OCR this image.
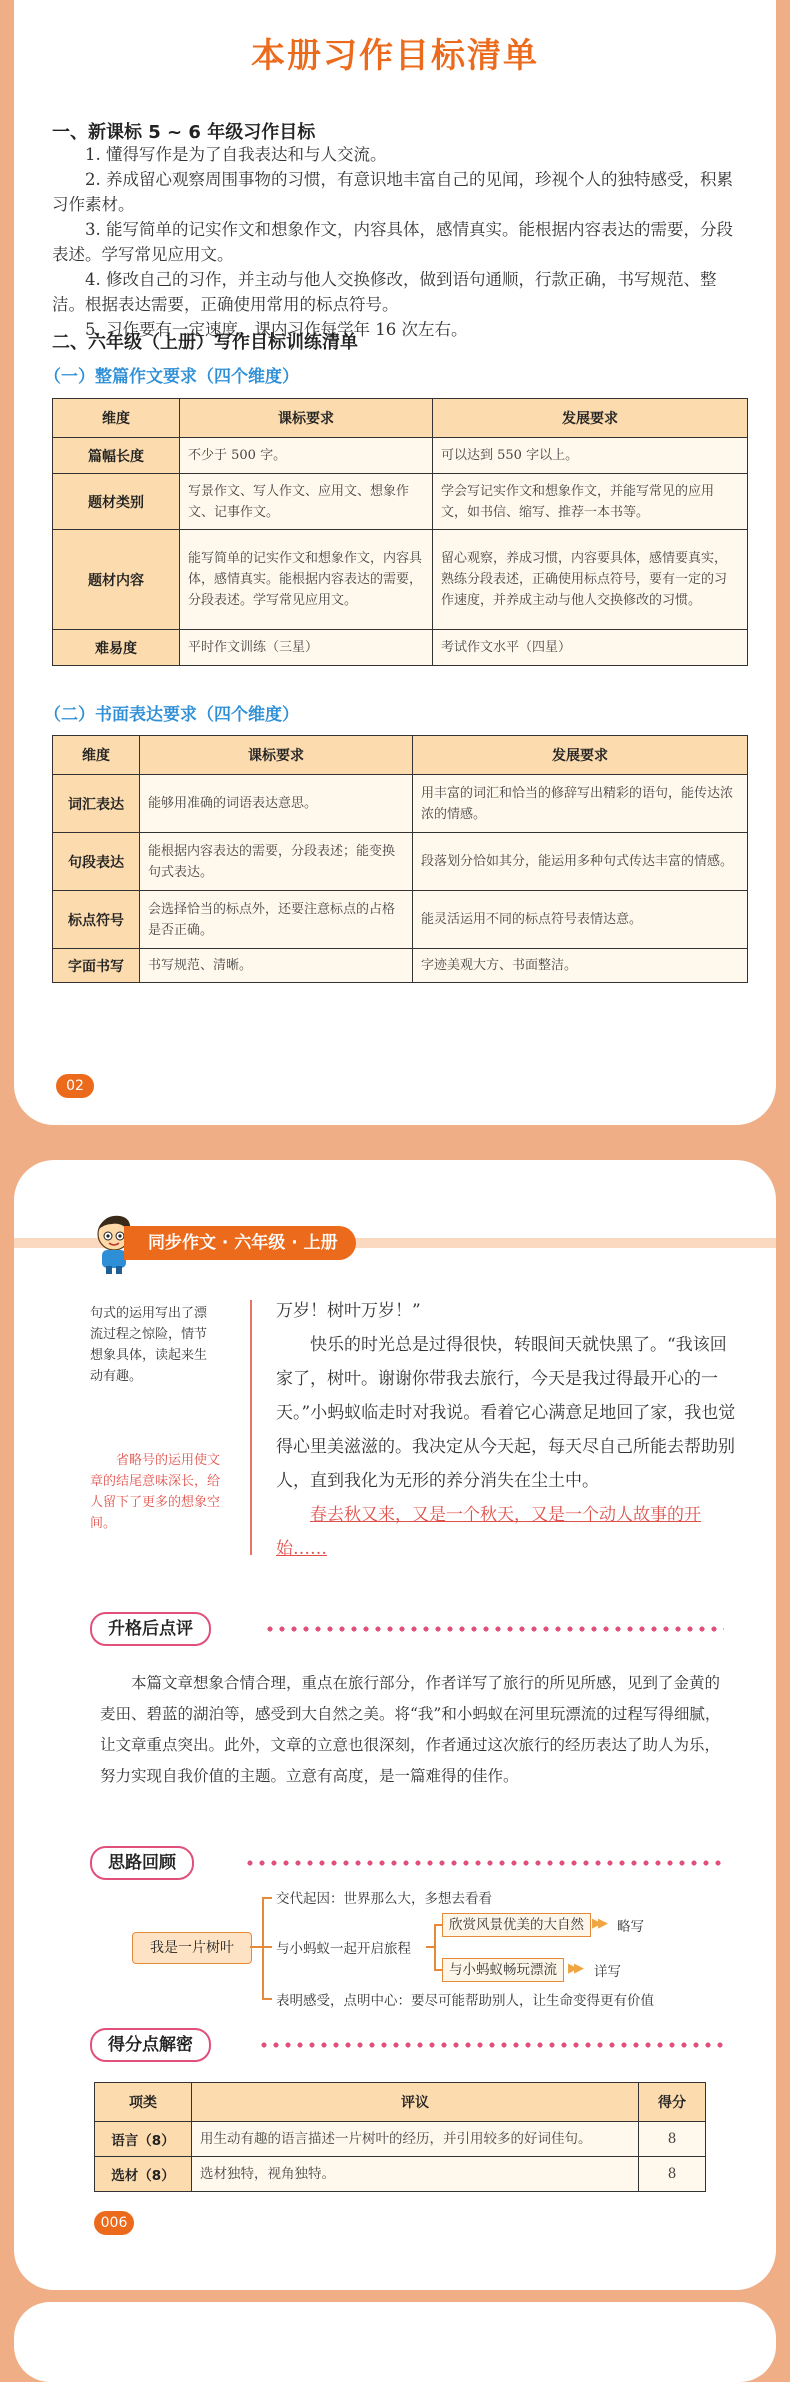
本册习作目标清单
一、新课标 5 ~ 6 年级习作目标

1. 懂得写作是为了自我表达和与人交流。

2. 养成留心观察周围事物的习惯，有意识地丰富自己的见闻，珍视个人的独特感受，积累习作素材。

3. 能写简单的记实作文和想象作文，内容具体，感情真实。能根据内容表达的需要，分段表述。学写常见应用文。

4. 修改自己的习作，并主动与他人交换修改，做到语句通顺，行款正确，书写规范、整洁。根据表达需要，正确使用常用的标点符号。

5. 习作要有一定速度。课内习作每学年 16 次左右。

二、六年级（上册）写作目标训练清单
（一）整篇作文要求（四个维度）
维度	课标要求	发展要求
篇幅长度	不少于 500 字。	可以达到 550 字以上。
题材类别	写景作文、写人作文、应用文、想象作文、记事作文。	学会写记实作文和想象作文，并能写常见的应用文，如书信、缩写、推荐一本书等。
题材内容	能写简单的记实作文和想象作文，内容具体，感情真实。能根据内容表达的需要，分段表述。学写常见应用文。	留心观察，养成习惯，内容要具体，感情要真实，熟练分段表述，正确使用标点符号，要有一定的习作速度，并养成主动与他人交换修改的习惯。
难易度	平时作文训练（三星）	考试作文水平（四星）
（二）书面表达要求（四个维度）
维度	课标要求	发展要求
词汇表达	能够用准确的词语表达意思。	用丰富的词汇和恰当的修辞写出精彩的语句，能传达浓浓的情感。
句段表达	能根据内容表达的需要，分段表述；能变换句式表达。	段落划分恰如其分，能运用多种句式传达丰富的情感。
标点符号	会选择恰当的标点外，还要注意标点的占格是否正确。	能灵活运用不同的标点符号表情达意。
字面书写	书写规范、清晰。	字迹美观大方、书面整洁。
02
同步作文 · 六年级 · 上册
句式的运用写出了漂流过程之惊险，情节想象具体，读起来生动有趣。
省略号的运用使文章的结尾意味深长，给人留下了更多的想象空间。

万岁！树叶万岁！”

快乐的时光总是过得很快，转眼间天就快黑了。“我该回家了，树叶。谢谢你带我去旅行，今天是我过得最开心的一天。”小蚂蚁临走时对我说。看着它心满意足地回了家，我也觉得心里美滋滋的。我决定从今天起，每天尽自己所能去帮助别人，直到我化为无形的养分消失在尘土中。

春去秋又来，又是一个秋天，又是一个动人故事的开始……

升格后点评
本篇文章想象合情合理，重点在旅行部分，作者详写了旅行的所见所感，见到了金黄的麦田、碧蓝的湖泊等，感受到大自然之美。将“我”和小蚂蚁在河里玩漂流的过程写得细腻，让文章重点突出。此外，文章的立意也很深刻，作者通过这次旅行的经历表达了助人为乐，努力实现自我价值的主题。立意有高度，是一篇难得的佳作。
思路回顾
我是一片树叶
交代起因：世界那么大，多想去看看
与小蚂蚁一起开启旅程
表明感受，点明中心：要尽可能帮助别人，让生命变得更有价值
欣赏风景优美的大自然 ▶▶ 略写
与小蚂蚁畅玩漂流 ▶▶ 详写
得分点解密
项类	评议	得分
语言（8）	用生动有趣的语言描述一片树叶的经历，并引用较多的好词佳句。	8
选材（8）	选材独特，视角独特。	8
006
